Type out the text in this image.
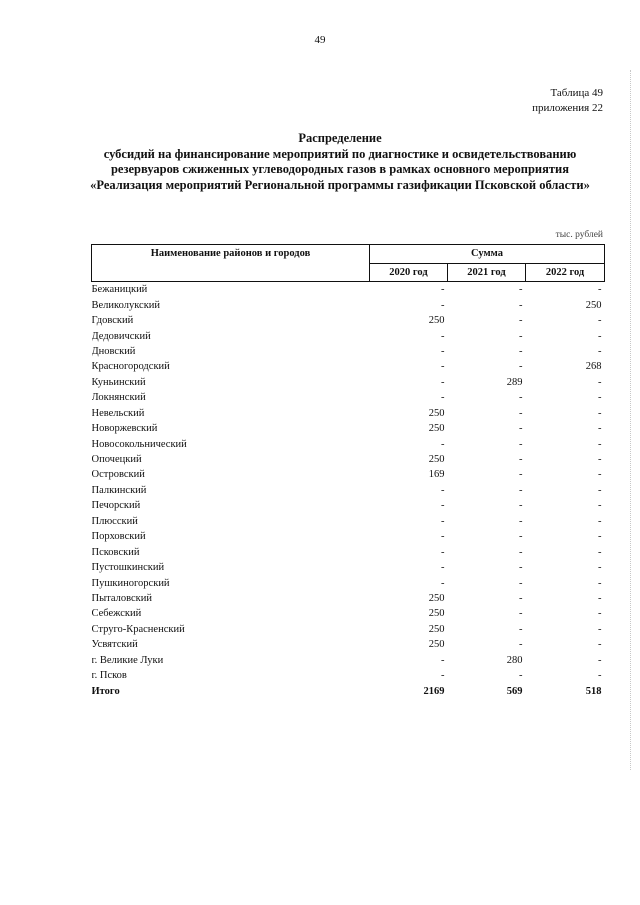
49
Таблица 49
приложения 22
Распределение
субсидий на финансирование мероприятий по диагностике и освидетельствованию
резервуаров сжиженных углеводородных газов в рамках основного мероприятия
«Реализация мероприятий Региональной программы газификации Псковской области»
тыс. рублей
Наименование районов и городов	Сумма		
	2020 год	2021 год	2022 год
Бежаницкий	-	-	-
Великолукский	-	-	250
Гдовский	250	-	-
Дедовичский	-	-	-
Дновский	-	-	-
Красногородский	-	-	268
Куньинский	-	289	-
Локнянский	-	-	-
Невельский	250	-	-
Новоржевский	250	-	-
Новосокольнический	-	-	-
Опочецкий	250	-	-
Островский	169	-	-
Палкинский	-	-	-
Печорский	-	-	-
Плюсский	-	-	-
Порховский	-	-	-
Псковский	-	-	-
Пустошкинский	-	-	-
Пушкиногорский	-	-	-
Пыталовский	250	-	-
Себежский	250	-	-
Струго-Красненский	250	-	-
Усвятский	250	-	-
г. Великие Луки	-	280	-
г. Псков	-	-	-
Итого	2169	569	518
